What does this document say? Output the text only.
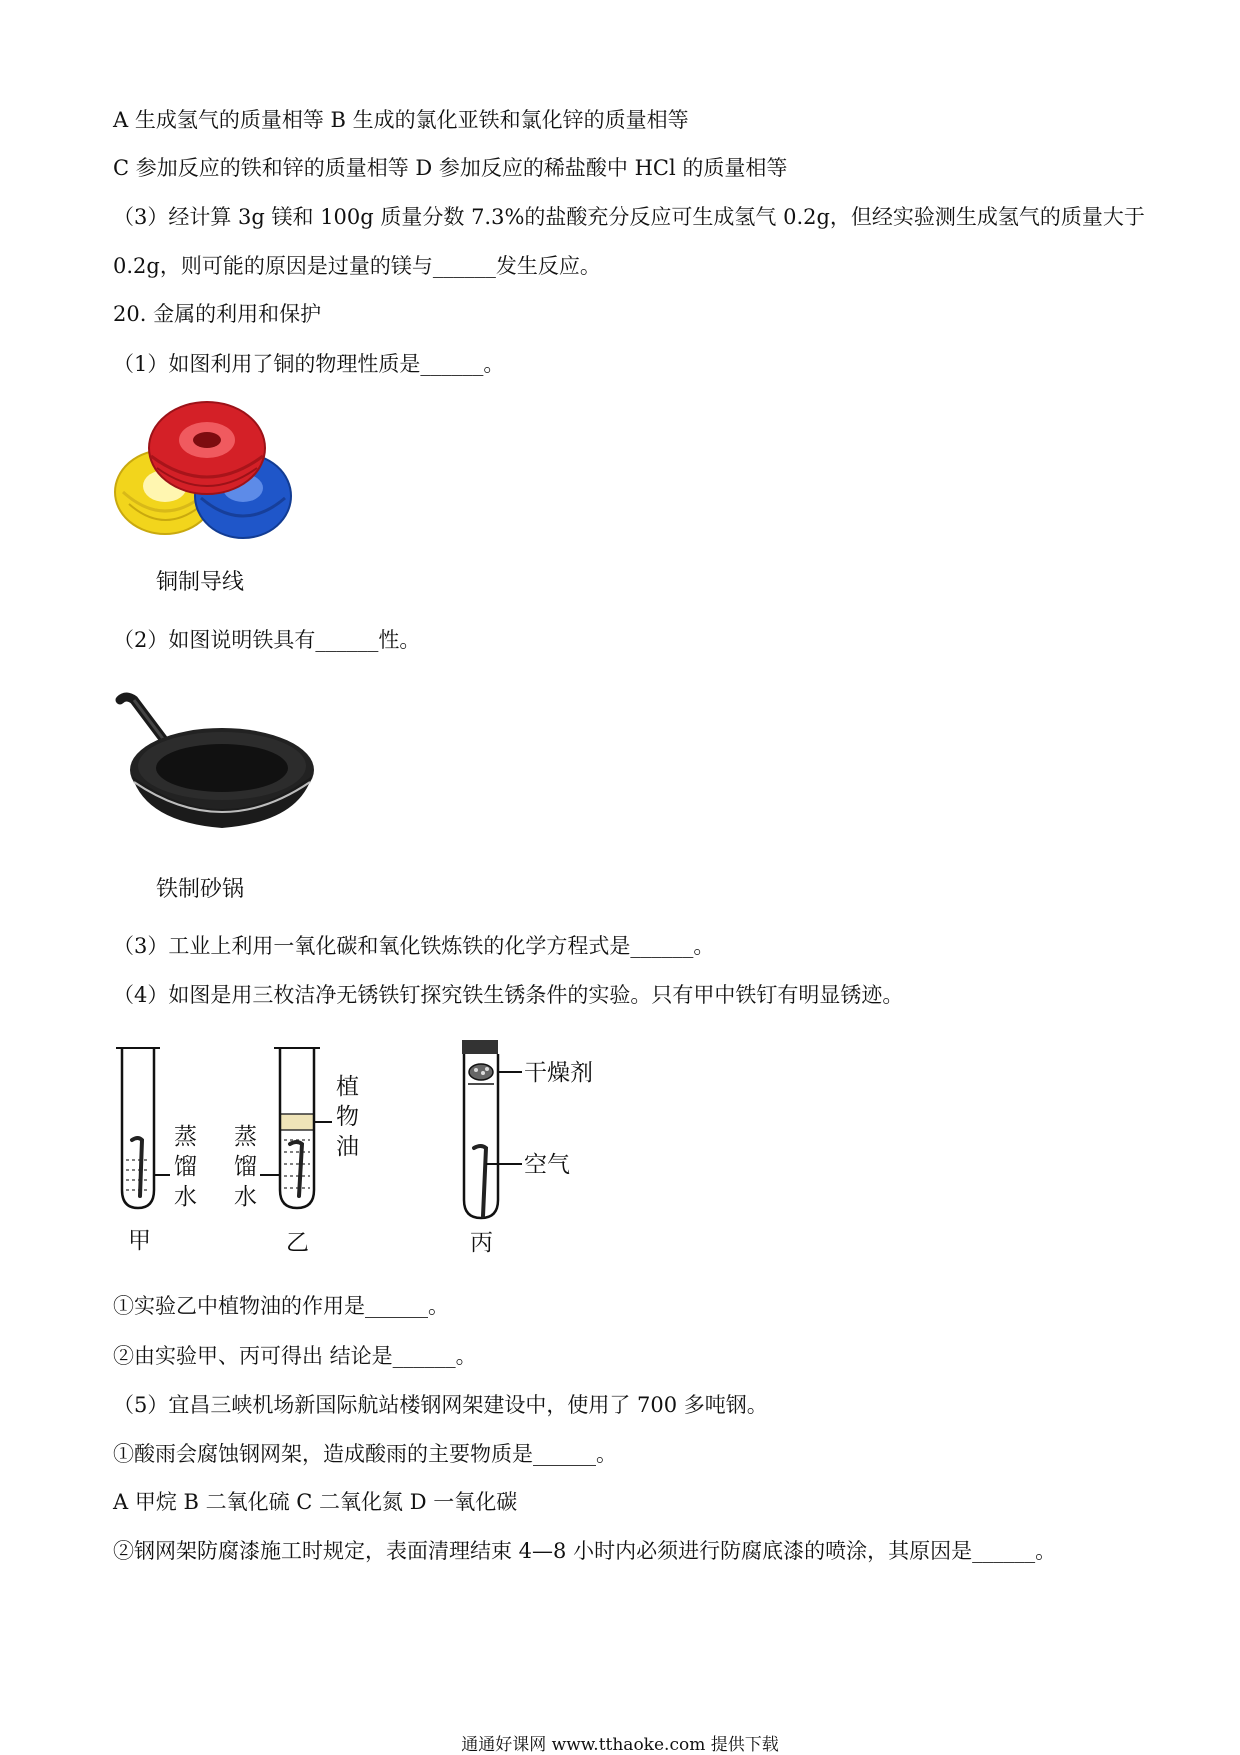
A 生成氢气的质量相等 B 生成的氯化亚铁和氯化锌的质量相等
C 参加反应的铁和锌的质量相等 D 参加反应的稀盐酸中 HCl 的质量相等
（3）经计算 3g 镁和 100g 质量分数 7.3%的盐酸充分反应可生成氢气 0.2g，但经实验测生成氢气的质量大于
0.2g，则可能的原因是过量的镁与______发生反应。
20. 金属的利用和保护
（1）如图利用了铜的物理性质是______。
铜制导线
（2）如图说明铁具有______性。
铁制砂锅
（3）工业上利用一氧化碳和氧化铁炼铁的化学方程式是______。
（4）如图是用三枚洁净无锈铁钉探究铁生锈条件的实验。只有甲中铁钉有明显锈迹。
蒸
馏
水
甲
蒸
馏
水
植
物
油
乙
干燥剂
空气
丙
①实验乙中植物油的作用是______。
②由实验甲、丙可得出 结论是______。
（5）宜昌三峡机场新国际航站楼钢网架建设中，使用了 700 多吨钢。
①酸雨会腐蚀钢网架，造成酸雨的主要物质是______。
A 甲烷 B 二氧化硫 C 二氧化氮 D 一氧化碳
②钢网架防腐漆施工时规定，表面清理结束 4—8 小时内必须进行防腐底漆的喷涂，其原因是______。
通通好课网 www.tthaoke.com 提供下载
